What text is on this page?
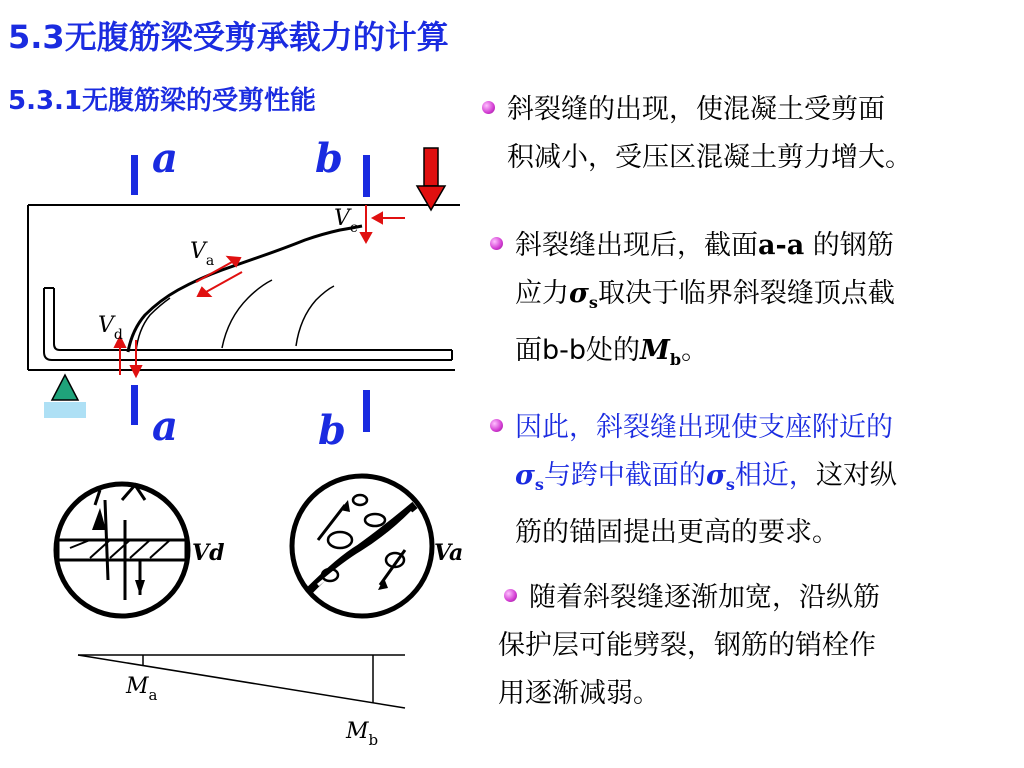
5.3无腹筋梁受剪承载力的计算
5.3.1无腹筋梁的受剪性能
a	b
a	b
$V_c$
$V_a$
$V_d$
Vd	Va
$M_a$
$M_b$
斜裂缝的出现，使混凝土受剪面
积减小，受压区混凝土剪力增大。
斜裂缝出现后，截面a-a 的钢筋
应力$\sigma_s$取决于临界斜裂缝顶点截
面b-b处的$M_b$。
因此，斜裂缝出现使支座附近的
$\sigma_s$与跨中截面的$\sigma_s$相近，这对纵
筋的锚固提出更高的要求。
随着斜裂缝逐渐加宽，沿纵筋
保护层可能劈裂，钢筋的销栓作
用逐渐减弱。
